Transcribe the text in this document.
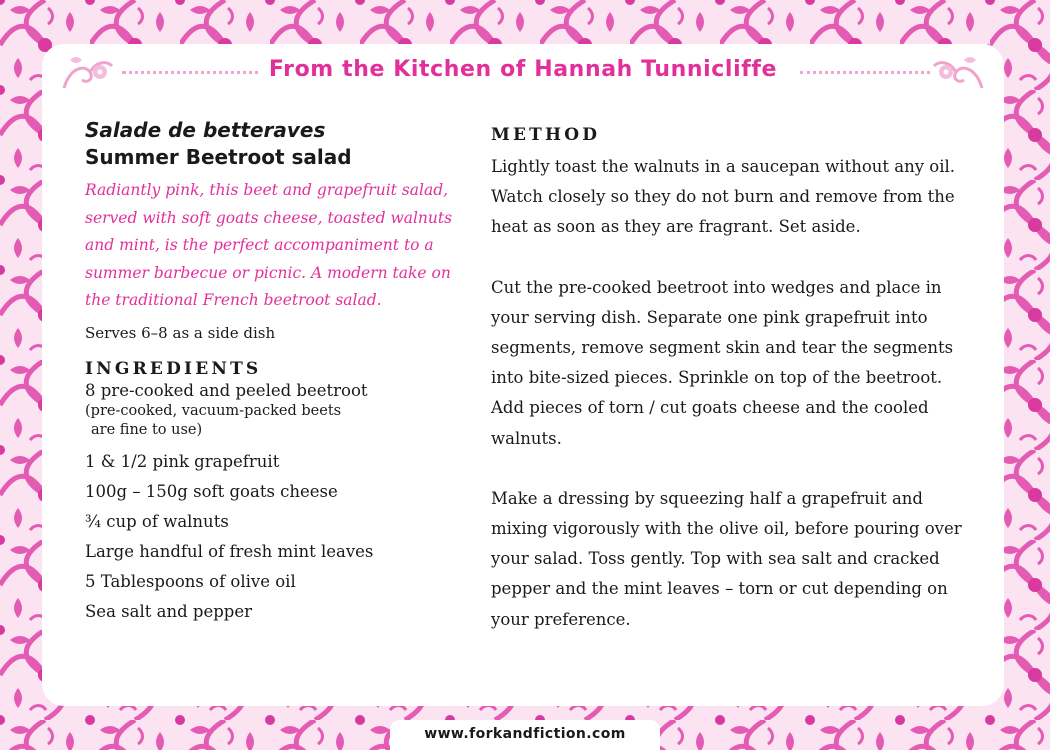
From the Kitchen of Hannah Tunnicliffe
Salade de betteraves
Summer Beetroot salad
Radiantly pink, this beet and grapefruit salad, served with soft goats cheese, toasted walnuts and mint, is the perfect accompaniment to a summer barbecue or picnic. A modern take on the traditional French beetroot salad.
Serves 6–8 as a side dish
INGREDIENTS
8 pre-cooked and peeled beetroot
(pre-cooked, vacuum-packed beets
are fine to use)
1 & 1/2 pink grapefruit
100g – 150g soft goats cheese
¾ cup of walnuts
Large handful of fresh mint leaves
5 Tablespoons of olive oil
Sea salt and pepper
METHOD

Lightly toast the walnuts in a saucepan without any oil. Watch closely so they do not burn and remove from the heat as soon as they are fragrant. Set aside.

Cut the pre-cooked beetroot into wedges and place in your serving dish. Separate one pink grapefruit into segments, remove segment skin and tear the segments into bite-sized pieces. Sprinkle on top of the beetroot. Add pieces of torn / cut goats cheese and the cooled walnuts.

Make a dressing by squeezing half a grapefruit and mixing vigorously with the olive oil, before pouring over your salad. Toss gently. Top with sea salt and cracked pepper and the mint leaves – torn or cut depending on your preference.

www.forkandfiction.com
